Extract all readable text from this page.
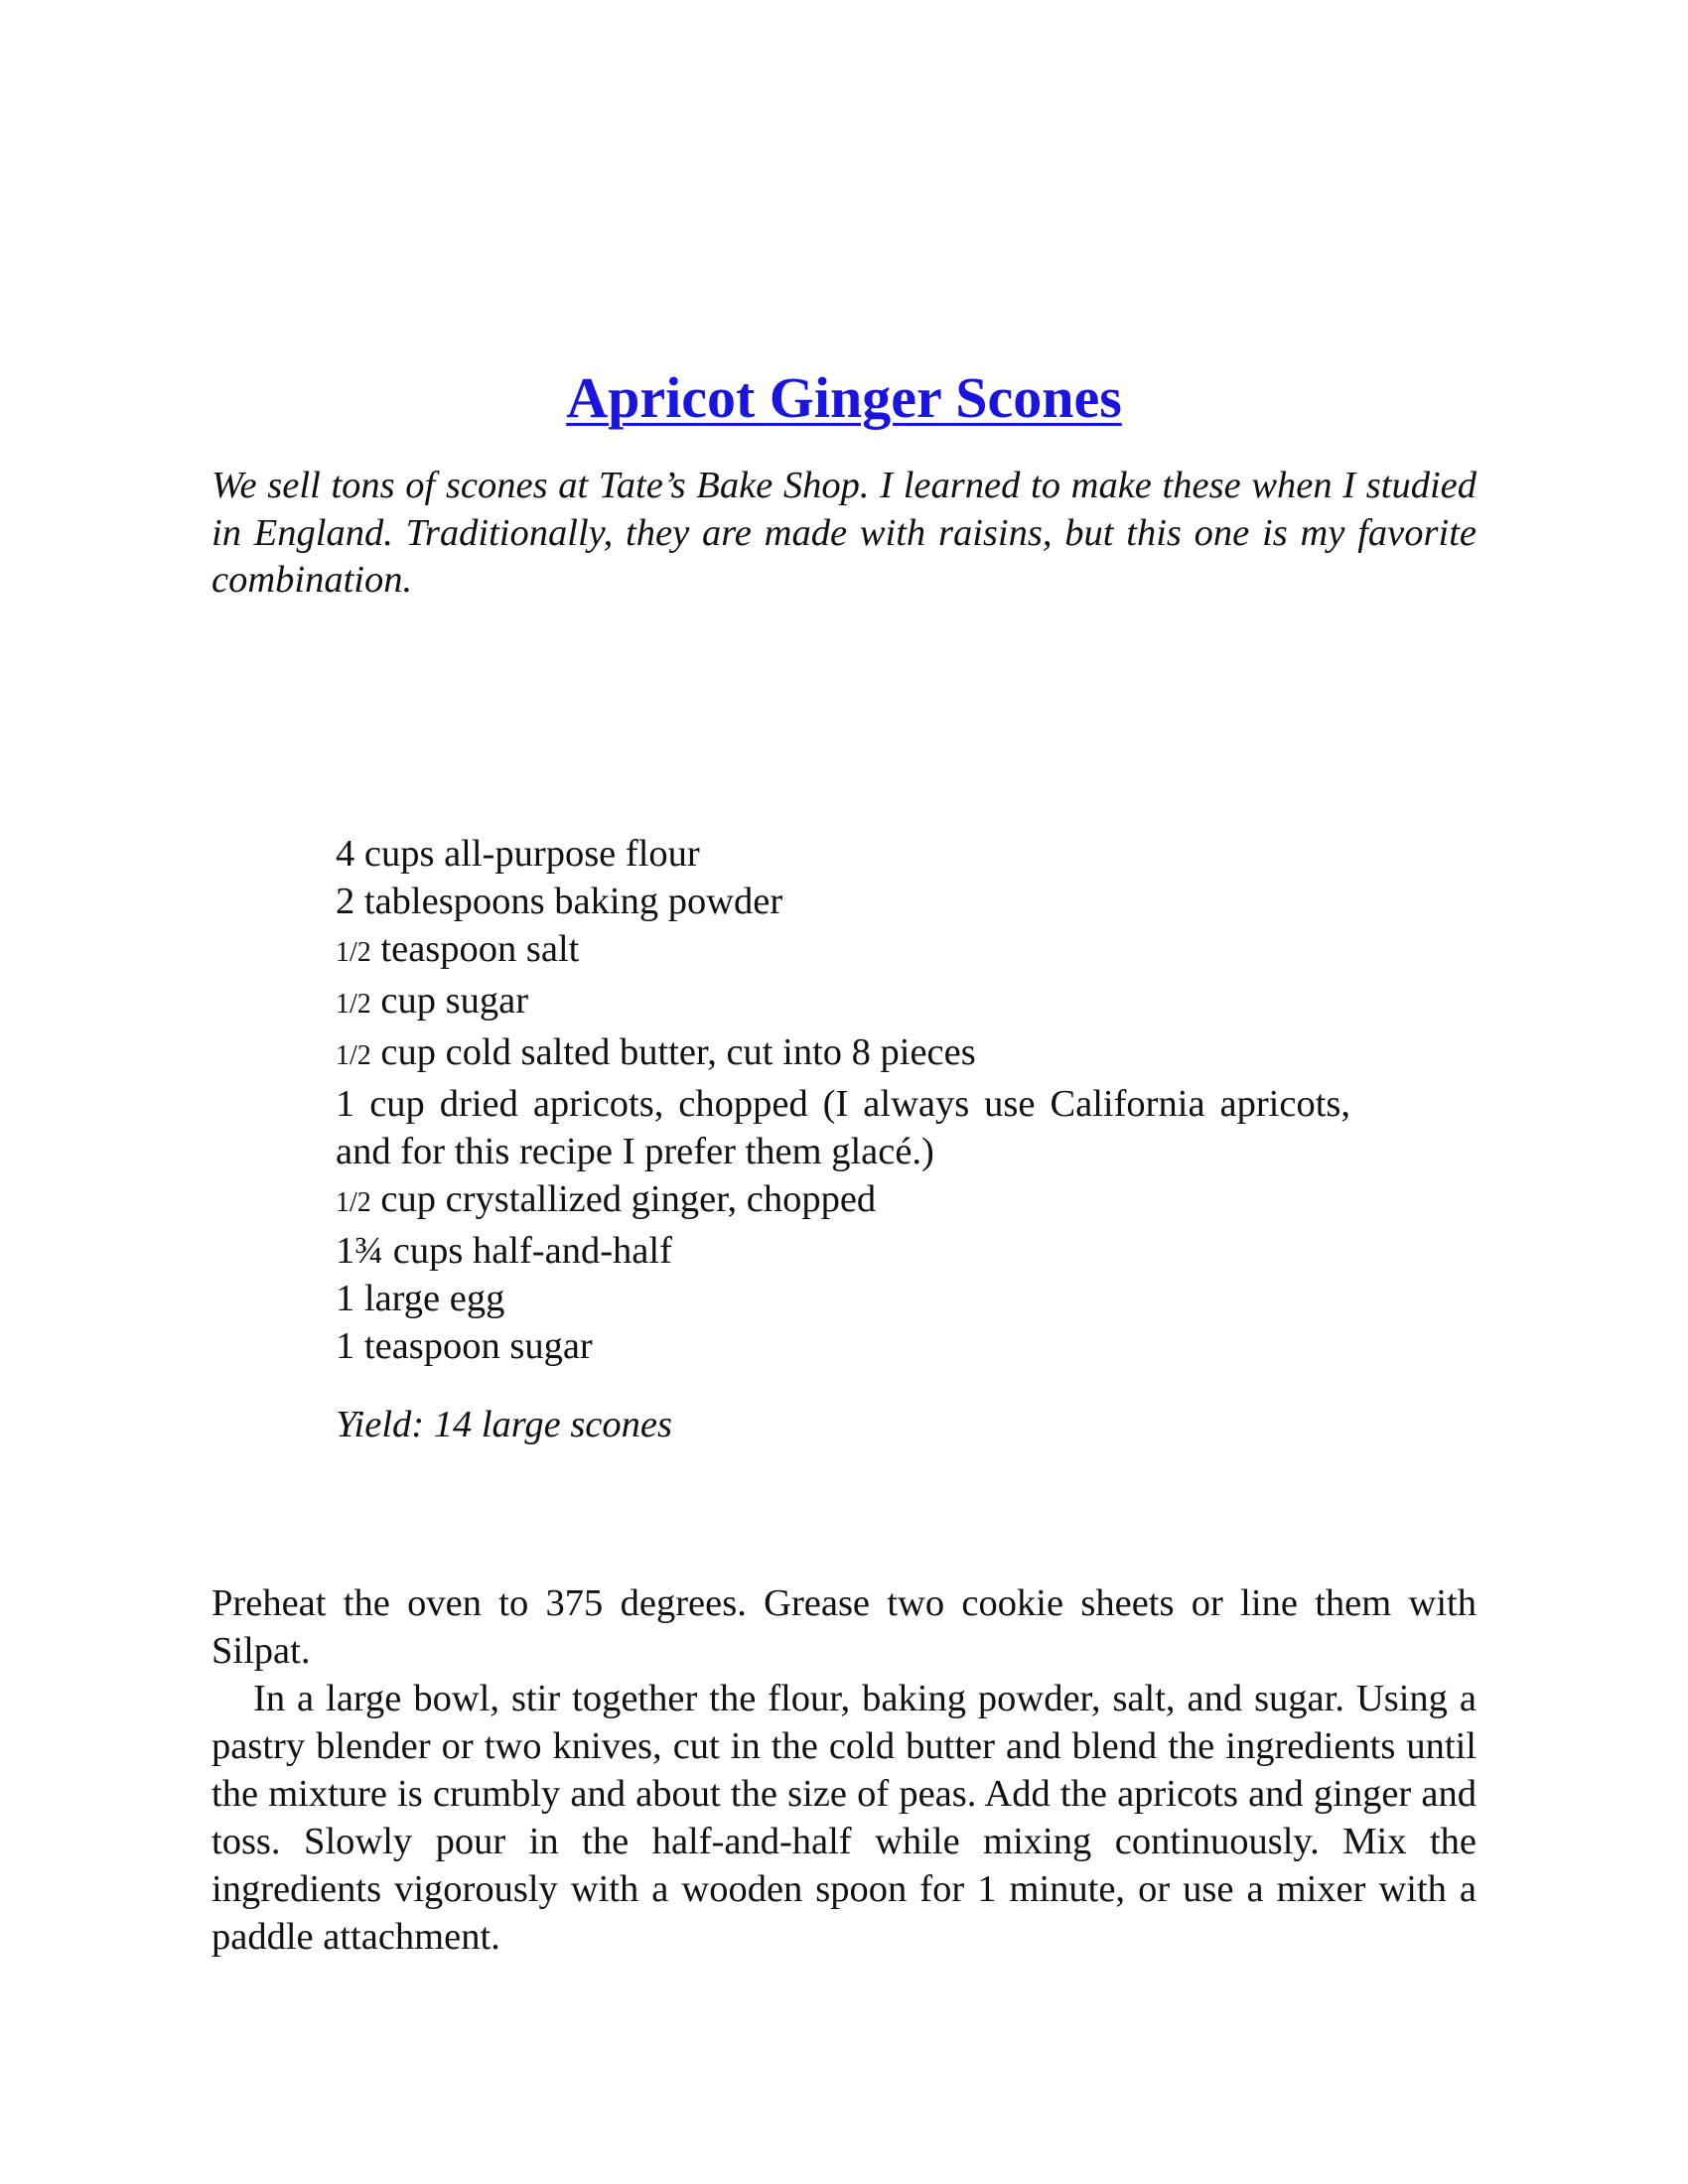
Apricot Ginger Scones

We sell tons of scones at Tate’s Bake Shop. I learned to make these when I studied in England. Traditionally, they are made with raisins, but this one is my favorite combination.

4 cups all-purpose flour
2 tablespoons baking powder
1/2 teaspoon salt
1/2 cup sugar
1/2 cup cold salted butter, cut into 8 pieces
1 cup dried apricots, chopped (I always use California apricots, and for this recipe I prefer them glacé.)
1/2 cup crystallized ginger, chopped
1¾ cups half-and-half
1 large egg
1 teaspoon sugar

Yield: 14 large scones

Preheat the oven to 375 degrees. Grease two cookie sheets or line them with Silpat.

In a large bowl, stir together the flour, baking powder, salt, and sugar. Using a pastry blender or two knives, cut in the cold butter and blend the ingredients until the mixture is crumbly and about the size of peas. Add the apricots and ginger and toss. Slowly pour in the half-and-half while mixing continuously. Mix the ingredients vigorously with a wooden spoon for 1 minute, or use a mixer with a paddle attachment.
